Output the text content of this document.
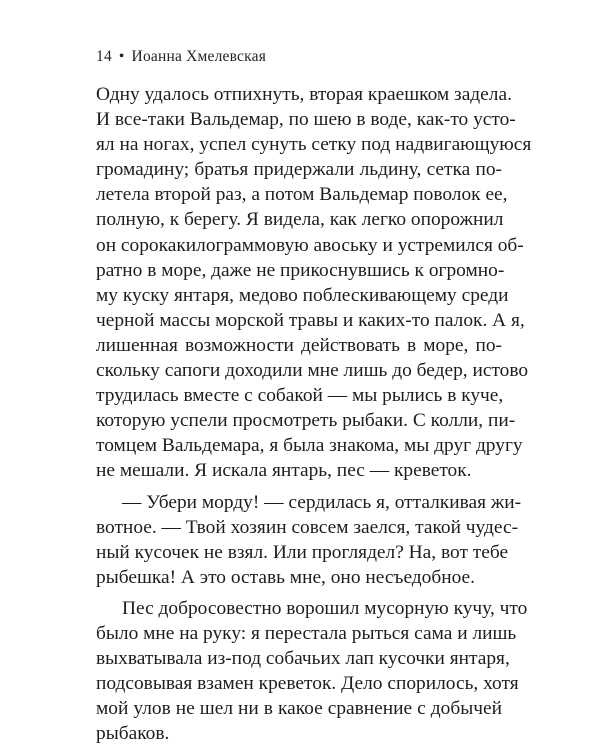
14 • Иоанна Хмелевская
Одну удалось отпихнуть, вторая краешком задела.
И все-таки Вальдемар, по шею в воде, как-то усто-
ял на ногах, успел сунуть сетку под надвигающуюся
громадину; братья придержали льдину, сетка по-
летела второй раз, а потом Вальдемар поволок ее,
полную, к берегу. Я видела, как легко опорожнил
он сорокакилограммовую авоську и устремился об-
ратно в море, даже не прикоснувшись к огромно-
му куску янтаря, медово поблескивающему среди
черной массы морской травы и каких-то палок. А я,
лишенная возможности действовать в море, по-
скольку сапоги доходили мне лишь до бедер, истово
трудилась вместе с собакой — мы рылись в куче,
которую успели просмотреть рыбаки. С колли, пи-
томцем Вальдемара, я была знакома, мы друг другу
не мешали. Я искала янтарь, пес — креветок.
— Убери морду! — сердилась я, отталкивая жи-
вотное. — Твой хозяин совсем заелся, такой чудес-
ный кусочек не взял. Или проглядел? На, вот тебе
рыбешка! А это оставь мне, оно несъедобное.
Пес добросовестно ворошил мусорную кучу, что
было мне на руку: я перестала рыться сама и лишь
выхватывала из-под собачьих лап кусочки янтаря,
подсовывая взамен креветок. Дело спорилось, хотя
мой улов не шел ни в какое сравнение с добычей
рыбаков.
